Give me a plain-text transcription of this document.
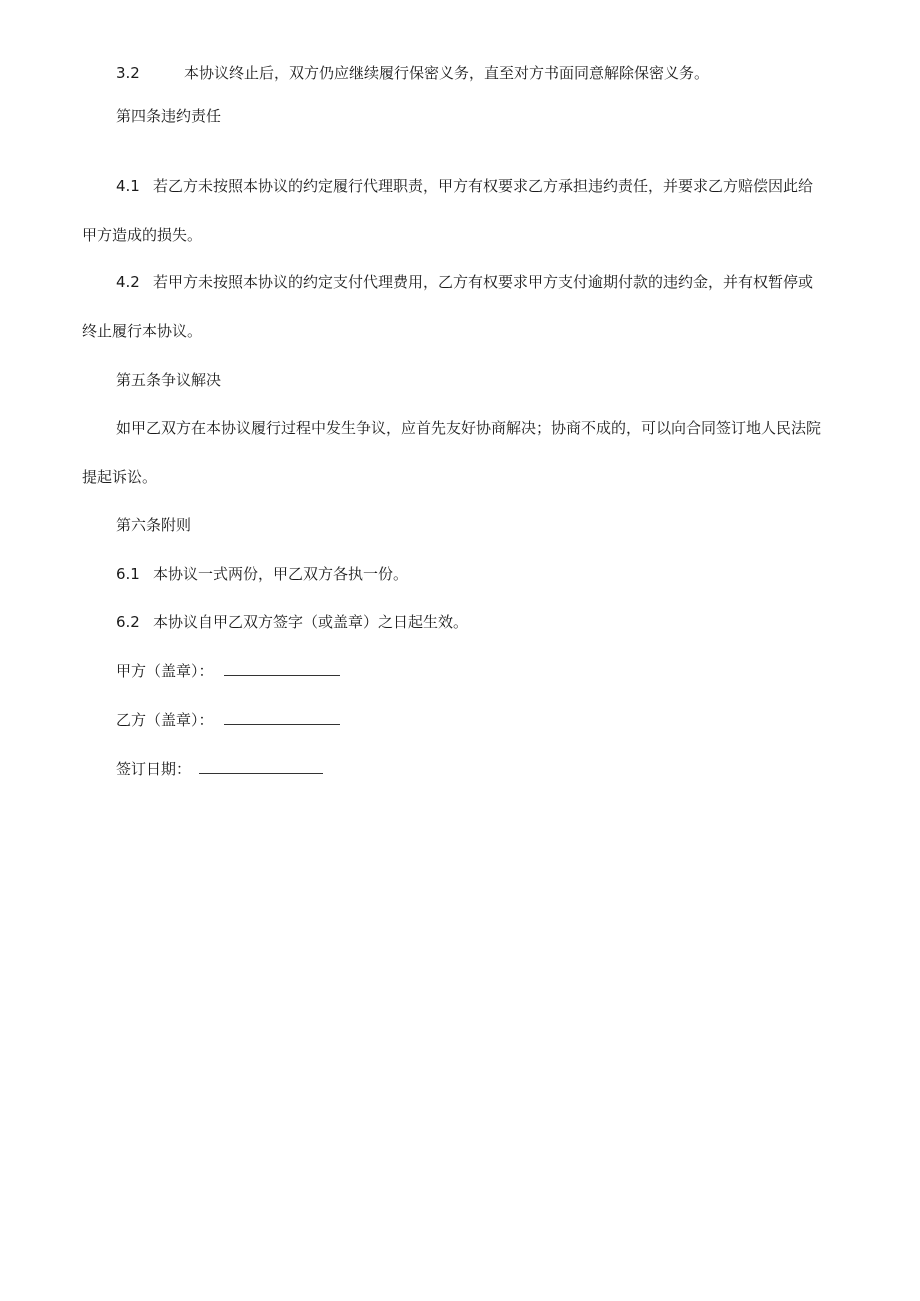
3.2	本协议终止后，双方仍应继续履行保密义务，直至对方书面同意解除保密义务。
第四条违约责任
4.1 若乙方未按照本协议的约定履行代理职责，甲方有权要求乙方承担违约责任，并要求乙方赔偿因此给
甲方造成的损失。
4.2 若甲方未按照本协议的约定支付代理费用，乙方有权要求甲方支付逾期付款的违约金，并有权暂停或
终止履行本协议。
第五条争议解决
如甲乙双方在本协议履行过程中发生争议，应首先友好协商解决；协商不成的，可以向合同签订地人民法院
提起诉讼。
第六条附则
6.1 本协议一式两份，甲乙双方各执一份。
6.2 本协议自甲乙双方签字（或盖章）之日起生效。
甲方（盖章）：
乙方（盖章）：
签订日期：
